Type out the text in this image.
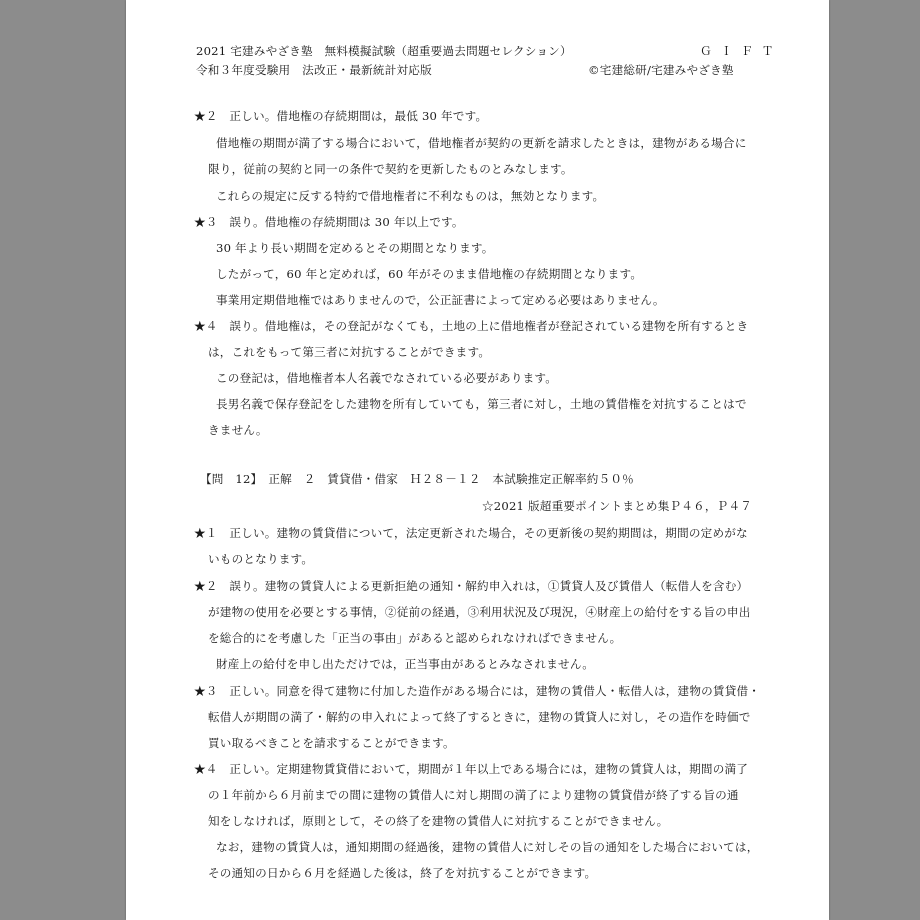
2021 宅建みやざき塾　無料模擬試験（超重要過去問題セレクション）	ＧＩＦＴ
令和３年度受験用　法改正・最新統計対応版	©宅建総研/宅建みやざき塾
★２　正しい。借地権の存続期間は，最低 30 年です。
借地権の期間が満了する場合において，借地権者が契約の更新を請求したときは，建物がある場合に
限り，従前の契約と同一の条件で契約を更新したものとみなします。
これらの規定に反する特約で借地権者に不利なものは，無効となります。
★３　誤り。借地権の存続期間は 30 年以上です。
30 年より長い期間を定めるとその期間となります。
したがって，60 年と定めれば，60 年がそのまま借地権の存続期間となります。
事業用定期借地権ではありませんので，公正証書によって定める必要はありません。
★４　誤り。借地権は，その登記がなくても，土地の上に借地権者が登記されている建物を所有するとき
は，これをもって第三者に対抗することができます。
この登記は，借地権者本人名義でなされている必要があります。
長男名義で保存登記をした建物を所有していても，第三者に対し，土地の賃借権を対抗することはで
きません。
【問　12】　正解　２　賃貸借・借家　Ｈ２８－１２　本試験推定正解率約５０％
☆2021 版超重要ポイントまとめ集Ｐ４６，Ｐ４７
★１　正しい。建物の賃貸借について，法定更新された場合，その更新後の契約期間は，期間の定めがな
いものとなります。
★２　誤り。建物の賃貸人による更新拒絶の通知・解約申入れは，①賃貸人及び賃借人（転借人を含む）
が建物の使用を必要とする事情，②従前の経過，③利用状況及び現況，④財産上の給付をする旨の申出
を総合的にを考慮した「正当の事由」があると認められなければできません。
財産上の給付を申し出ただけでは，正当事由があるとみなされません。
★３　正しい。同意を得て建物に付加した造作がある場合には，建物の賃借人・転借人は，建物の賃貸借・
転借人が期間の満了・解約の申入れによって終了するときに，建物の賃貸人に対し，その造作を時価で
買い取るべきことを請求することができます。
★４　正しい。定期建物賃貸借において，期間が１年以上である場合には，建物の賃貸人は，期間の満了
の１年前から６月前までの間に建物の賃借人に対し期間の満了により建物の賃貸借が終了する旨の通
知をしなければ，原則として，その終了を建物の賃借人に対抗することができません。
なお，建物の賃貸人は，通知期間の経過後，建物の賃借人に対しその旨の通知をした場合においては，
その通知の日から６月を経過した後は，終了を対抗することができます。
